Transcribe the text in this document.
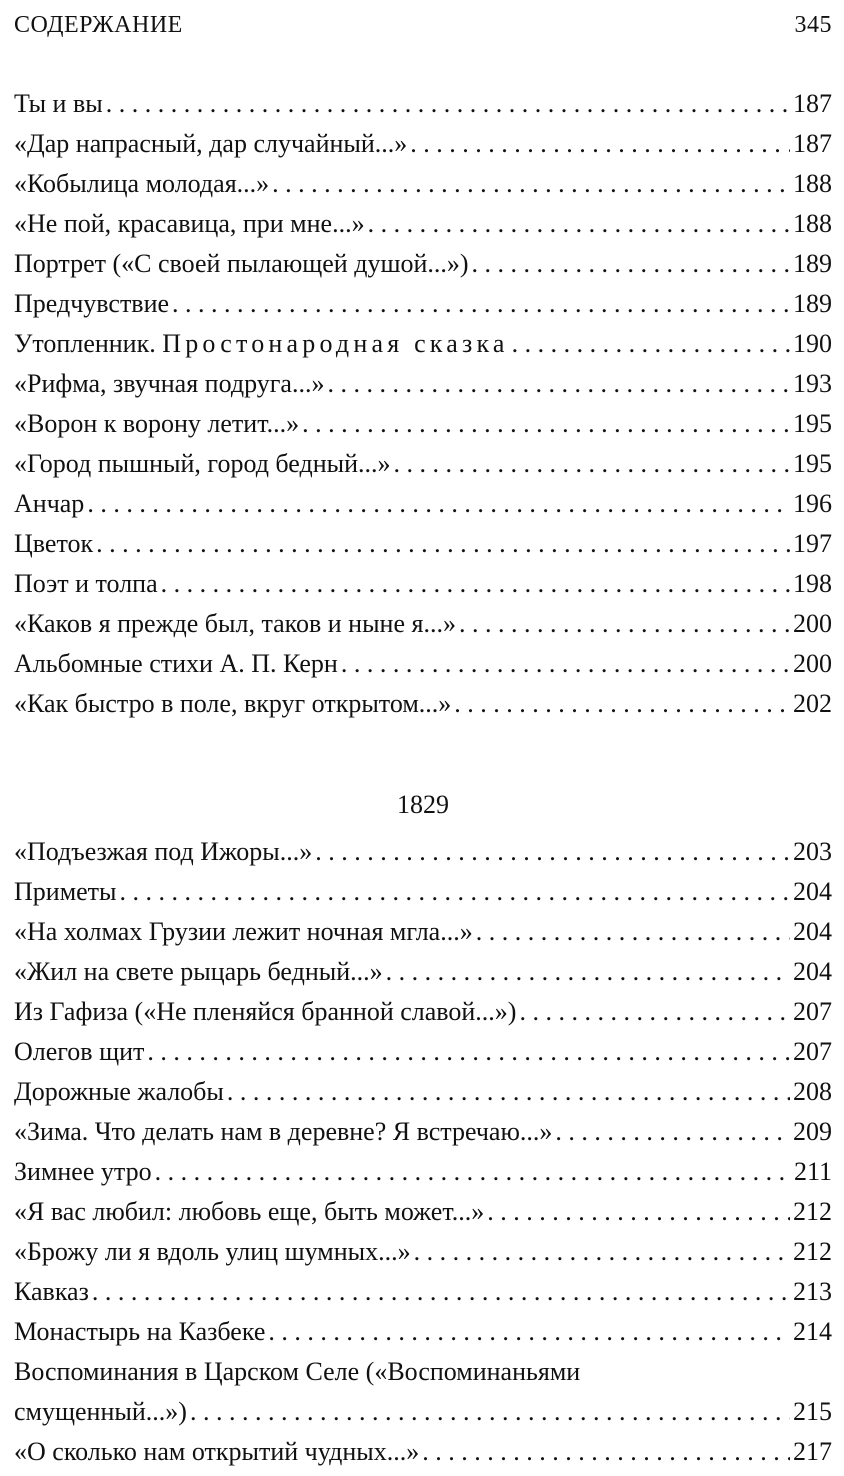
СОДЕРЖАНИЕ	345
Ты и вы . . .	187
«Дар напрасный, дар случайный...» . . .	187
«Кобылица молодая...» . . .	188
«Не пой, красавица, при мне...» . . .	188
Портрет («С своей пылающей душой...») . . .	189
Предчувствие . . .	189
Утопленник. Простонародная сказка . . .	190
«Рифма, звучная подруга...» . . .	193
«Ворон к ворону летит...» . . .	195
«Город пышный, город бедный...» . . .	195
Анчар . . .	196
Цветок . . .	197
Поэт и толпа . . .	198
«Каков я прежде был, таков и ныне я...» . . .	200
Альбомные стихи А. П. Керн . . .	200
«Как быстро в поле, вкруг открытом...» . . .	202
1829
«Подъезжая под Ижоры...» . . .	203
Приметы . . .	204
«На холмах Грузии лежит ночная мгла...» . . .	204
«Жил на свете рыцарь бедный...» . . .	204
Из Гафиза («Не пленяйся бранной славой...») . . .	207
Олегов щит . . .	207
Дорожные жалобы . . .	208
«Зима. Что делать нам в деревне? Я встречаю...» . . .	209
Зимнее утро . . .	211
«Я вас любил: любовь еще, быть может...» . . .	212
«Брожу ли я вдоль улиц шумных...» . . .	212
Кавказ . . .	213
Монастырь на Казбеке . . .	214
Воспоминания в Царском Селе («Воспоминаньями
смущенный...») . . .	215
«О сколько нам открытий чудных...» . . .	217
